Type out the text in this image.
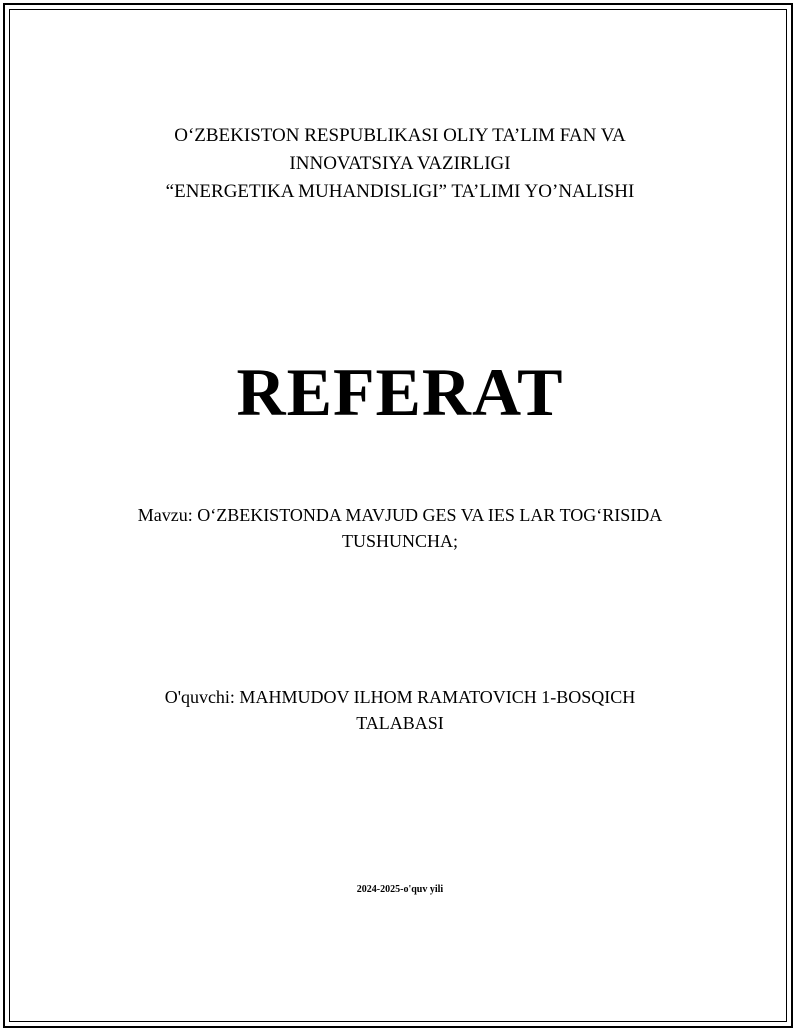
O‘ZBEKISTON RESPUBLIKASI OLIY TA’LIM FAN VA
INNOVATSIYA VAZIRLIGI
“ENERGETIKA MUHANDISLIGI” TA’LIMI YO’NALISHI
REFERAT
Mavzu: O‘ZBEKISTONDA MAVJUD GES VA IES LAR TOG‘RISIDA
TUSHUNCHA;
O'quvchi: MAHMUDOV ILHOM RAMATOVICH 1-BOSQICH
TALABASI
2024-2025-o'quv yili
